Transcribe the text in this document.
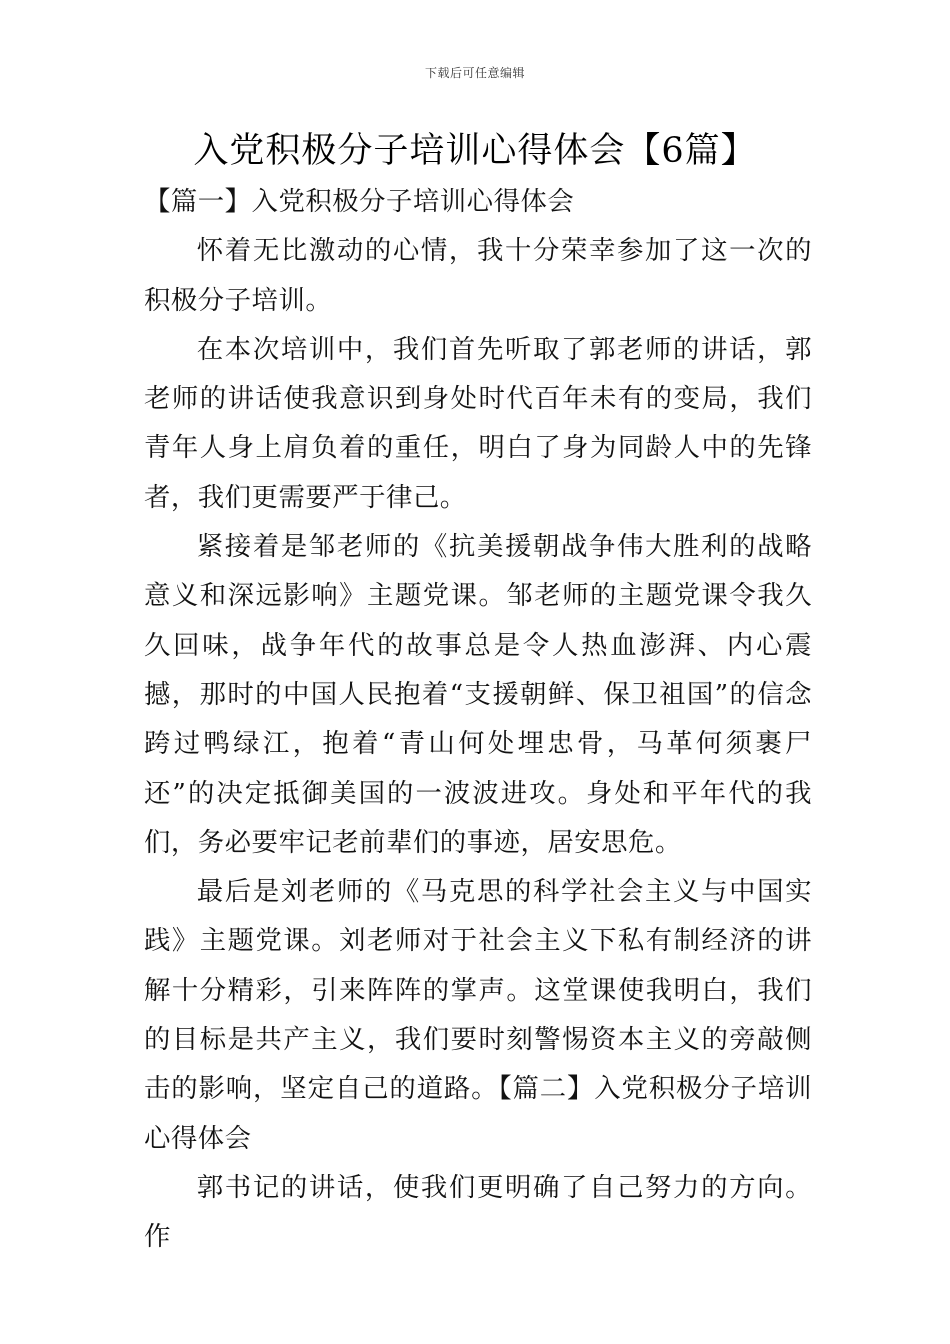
下载后可任意编辑
入党积极分子培训心得体会【6篇】
【篇一】入党积极分子培训心得体会

怀着无比激动的心情，我十分荣幸参加了这一次的积极分子培训。

在本次培训中，我们首先听取了郭老师的讲话，郭老师的讲话使我意识到身处时代百年未有的变局，我们青年人身上肩负着的重任，明白了身为同龄人中的先锋者，我们更需要严于律己。

紧接着是邹老师的《抗美援朝战争伟大胜利的战略意义和深远影响》主题党课。邹老师的主题党课令我久久回味，战争年代的故事总是令人热血澎湃、内心震撼，那时的中国人民抱着“支援朝鲜、保卫祖国”的信念跨过鸭绿江，抱着“青山何处埋忠骨，马革何须裹尸还”的决定抵御美国的一波波进攻。身处和平年代的我们，务必要牢记老前辈们的事迹，居安思危。

最后是刘老师的《马克思的科学社会主义与中国实践》主题党课。刘老师对于社会主义下私有制经济的讲解十分精彩，引来阵阵的掌声。这堂课使我明白，我们的目标是共产主义，我们要时刻警惕资本主义的旁敲侧击的影响，坚定自己的道路。【篇二】入党积极分子培训心得体会

郭书记的讲话，使我们更明确了自己努力的方向。作
